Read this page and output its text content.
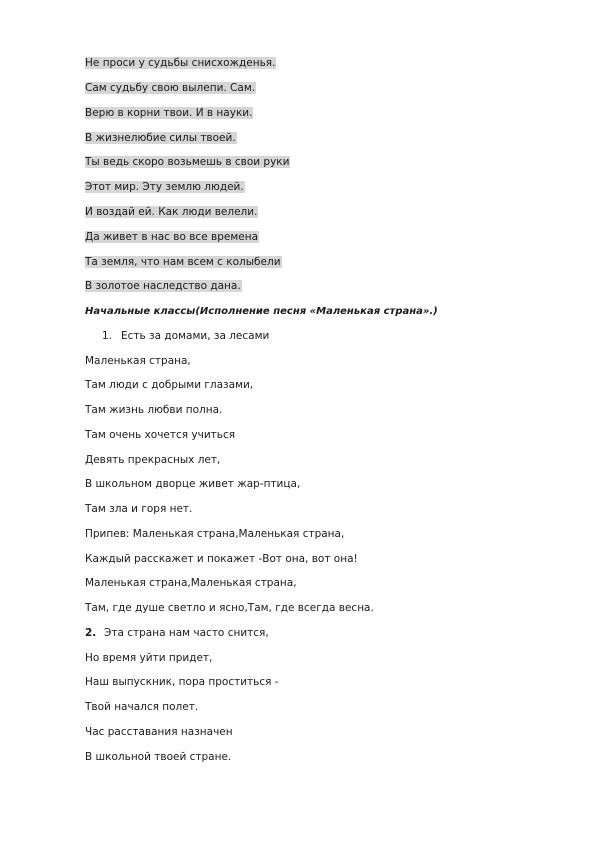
Не проси у судьбы снисхожденья.
Сам судьбу свою вылепи. Сам.
Верю в корни твои. И в науки.
В жизнелюбие силы твоей.
Ты ведь скоро возьмешь в свои руки
Этот мир. Эту землю людей.
И воздай ей. Как люди велели.
Да живет в нас во все времена
Та земля, что нам всем с колыбели
В золотое наследство дана.
Начальные классы(Исполнение песня «Маленькая страна».)
1. Есть за домами, за лесами
Маленькая страна,
Там люди с добрыми глазами,
Там жизнь любви полна.
Там очень хочется учиться
Девять прекрасных лет,
В школьном дворце живет жар-птица,
Там зла и горя нет.
Припев: Маленькая страна,Маленькая страна,
Каждый расскажет и покажет -Вот она, вот она!
Маленькая страна,Маленькая страна,
Там, где душе светло и ясно,Там, где всегда весна.
2. Эта страна нам часто снится,
Но время уйти придет,
Наш выпускник, пора проститься -
Твой начался полет.
Час расставания назначен
В школьной твоей стране.
